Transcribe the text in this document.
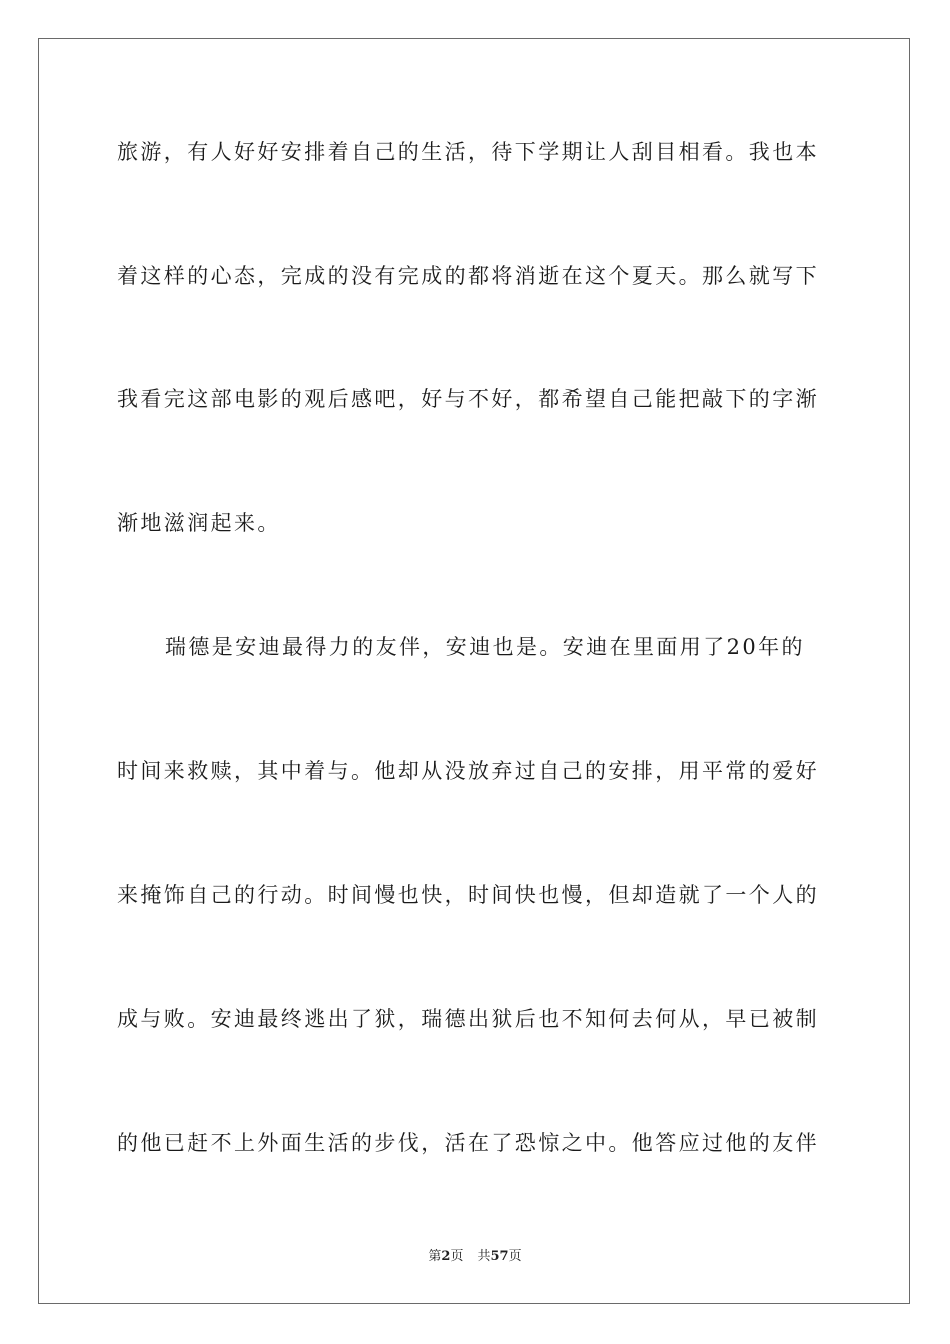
旅游，有人好好安排着自己的生活，待下学期让人刮目相看。我也本
着这样的心态，完成的没有完成的都将消逝在这个夏天。那么就写下
我看完这部电影的观后感吧，好与不好，都希望自己能把敲下的字渐
渐地滋润起来。
瑞德是安迪最得力的友伴，安迪也是。安迪在里面用了20年的
时间来救赎，其中着与。他却从没放弃过自己的安排，用平常的爱好
来掩饰自己的行动。时间慢也快，时间快也慢，但却造就了一个人的
成与败。安迪最终逃出了狱，瑞德出狱后也不知何去何从，早已被制
的他已赶不上外面生活的步伐，活在了恐惊之中。他答应过他的友伴
第2页 共57页
